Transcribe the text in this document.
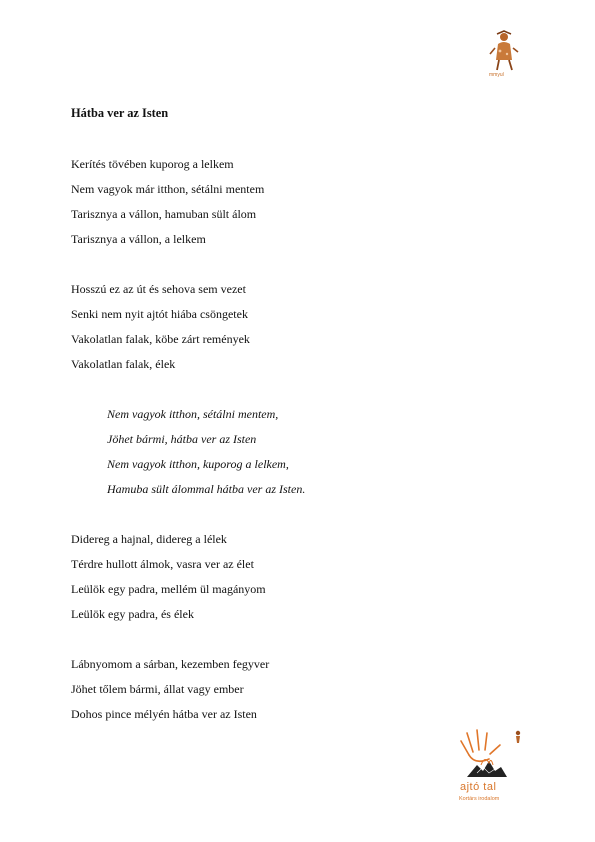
mmyul
Hátba ver az Isten
Kerítés tövében kuporog a lelkem
Nem vagyok már itthon, sétálni mentem
Tarisznya a vállon, hamuban sült álom
Tarisznya a vállon, a lelkem
Hosszú ez az út és sehova sem vezet
Senki nem nyit ajtót hiába csöngetek
Vakolatlan falak, köbe zárt remények
Vakolatlan falak, élek
Nem vagyok itthon, sétálni mentem,
Jöhet bármi, hátba ver az Isten
Nem vagyok itthon, kuporog a lelkem,
Hamuba sült álommal hátba ver az Isten.
Didereg a hajnal, didereg a lélek
Térdre hullott álmok, vasra ver az élet
Leülök egy padra, mellém ül magányom
Leülök egy padra, és élek
Lábnyomom a sárban, kezemben fegyver
Jöhet tőlem bármi, állat vagy ember
Dohos pince mélyén hátba ver az Isten
ajtó tal
Kortárs irodalom
